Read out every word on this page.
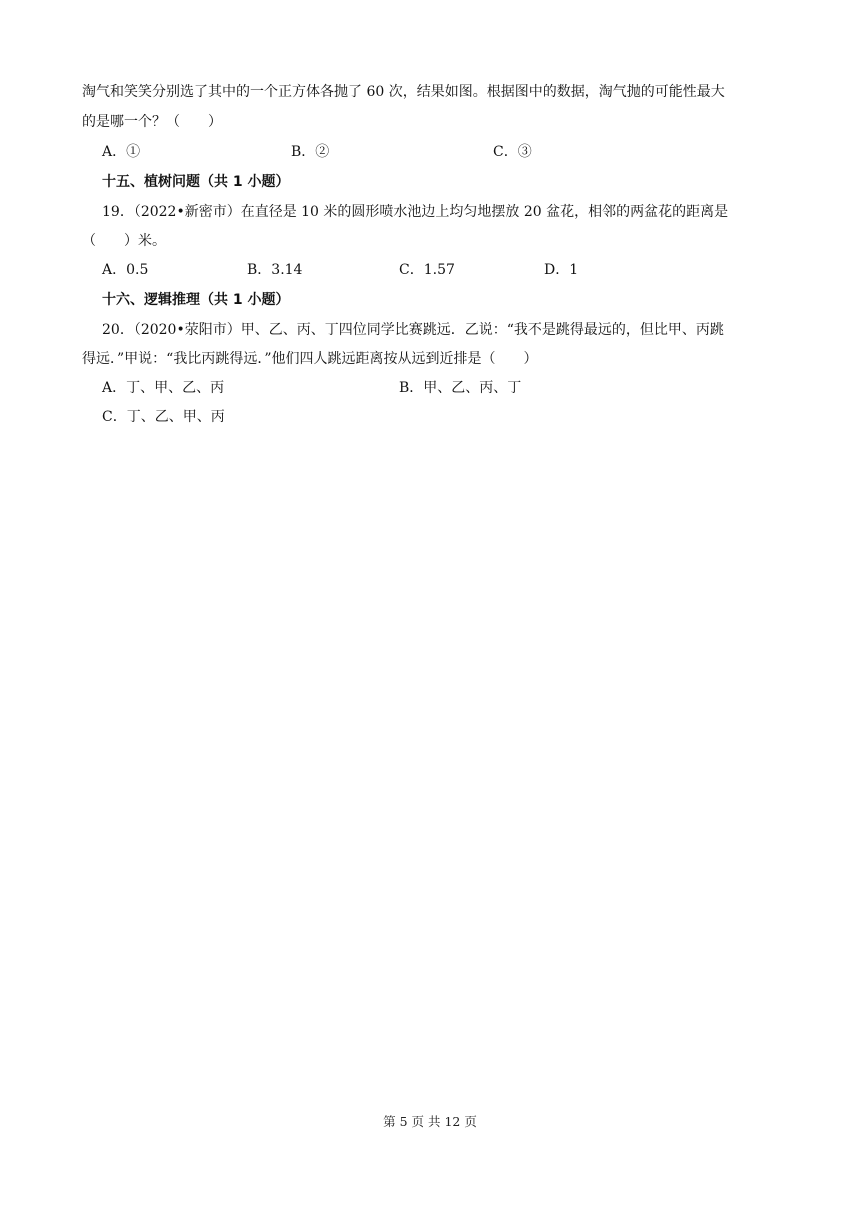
淘气和笑笑分别选了其中的一个正方体各抛了 60 次，结果如图。根据图中的数据，淘气抛的可能性最大
的是哪一个？（　　）
A．①	B．②	C．③
十五、植树问题（共 1 小题）
19．（2022•新密市）在直径是 10 米的圆形喷水池边上均匀地摆放 20 盆花，相邻的两盆花的距离是
（　　）米。
A．0.5	B．3.14	C．1.57	D．1
十六、逻辑推理（共 1 小题）
20．（2020•荥阳市）甲、乙、丙、丁四位同学比赛跳远．乙说：“我不是跳得最远的，但比甲、丙跳
得远．”甲说：“我比丙跳得远．”他们四人跳远距离按从远到近排是（　　）
A．丁、甲、乙、丙	B．甲、乙、丙、丁
C．丁、乙、甲、丙
第 5 页 共 12 页
